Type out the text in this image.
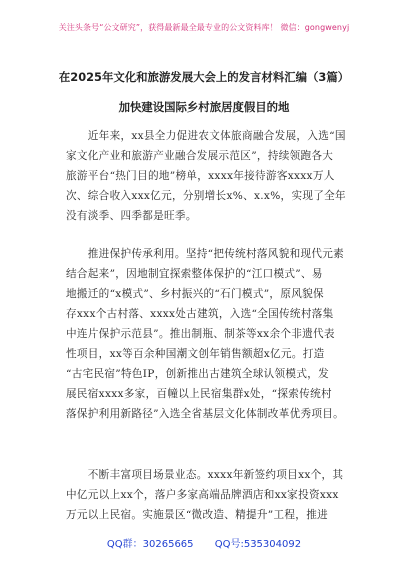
关注头条号“公文研究”，获得最新最全最专业的公文资料库！ 微信：gongwenyj
在2025年文化和旅游发展大会上的发言材料汇编（3篇）
加快建设国际乡村旅居度假目的地
　　近年来，xx县全力促进农文体旅商融合发展，入选“国
家文化产业和旅游产业融合发展示范区”，持续领跑各大
旅游平台“热门目的地”榜单，xxxx年接待游客xxxx万人
次、综合收入xxx亿元，分别增长x%、x.x%，实现了全年
没有淡季、四季都是旺季。
　　推进保护传承利用。坚持“把传统村落风貌和现代元素
结合起来”，因地制宜探索整体保护的“江口模式”、易
地搬迁的“x模式”、乡村振兴的“石门模式”，原风貌保
存xxx个古村落、xxxx处古建筑，入选“全国传统村落集
中连片保护示范县”。推出制瓶、制茶等xx余个非遗代表
性项目，xx等百余种国潮文创年销售额超x亿元。打造
“古宅民宿”特色IP，创新推出古建筑全球认领模式，发
展民宿xxxx多家，百幢以上民宿集群x处，“探索传统村
落保护利用新路径”入选全省基层文化体制改革优秀项目。
　　不断丰富项目场景业态。xxxx年新签约项目xx个，其
中亿元以上xx个，落户多家高端品牌酒店和xx家投资xxx
万元以上民宿。实施景区“微改造、精提升”工程，推进
QQ群：30265665 QQ号:535304092
